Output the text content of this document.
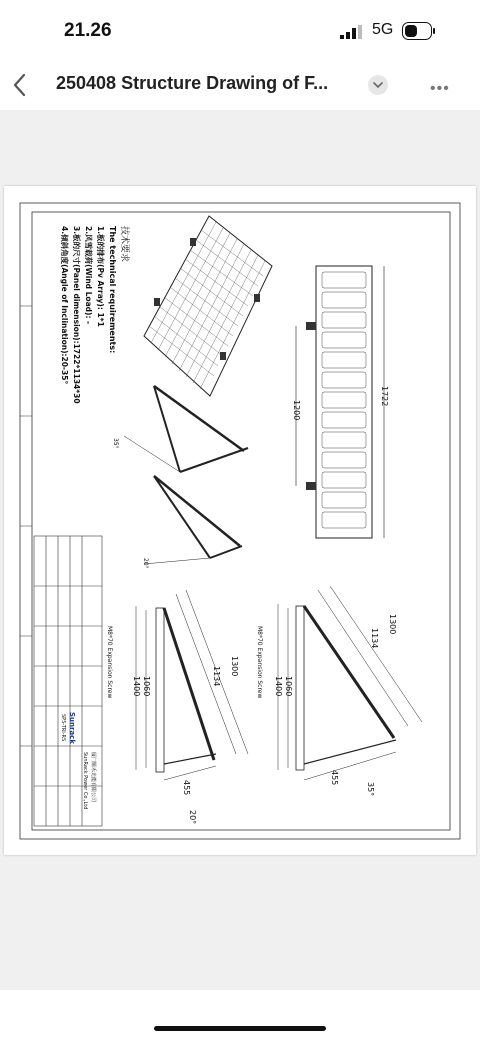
21.26	5G
250408 Structure Drawing of F...	•••
技术要求
The technical requirements:
1.板的排布(Pv Array): 1*1
2.风雪载荷(Wind Load): -
3.板的尺寸(Panel dimension):1722*1134*30
4.倾斜角度(Angle of Inclination):20-35°
35°
20°
1200
1722
M8*70 Expansion Screw	1300
1134
1060
1400
455
20°
M8*70 Expansion Screw
1300
1134
1060
1400
455
35°
Sunrack
SPS-TRI-RS
厦门顺禾光能有限公司
SunRack Power Co.,Ltd
